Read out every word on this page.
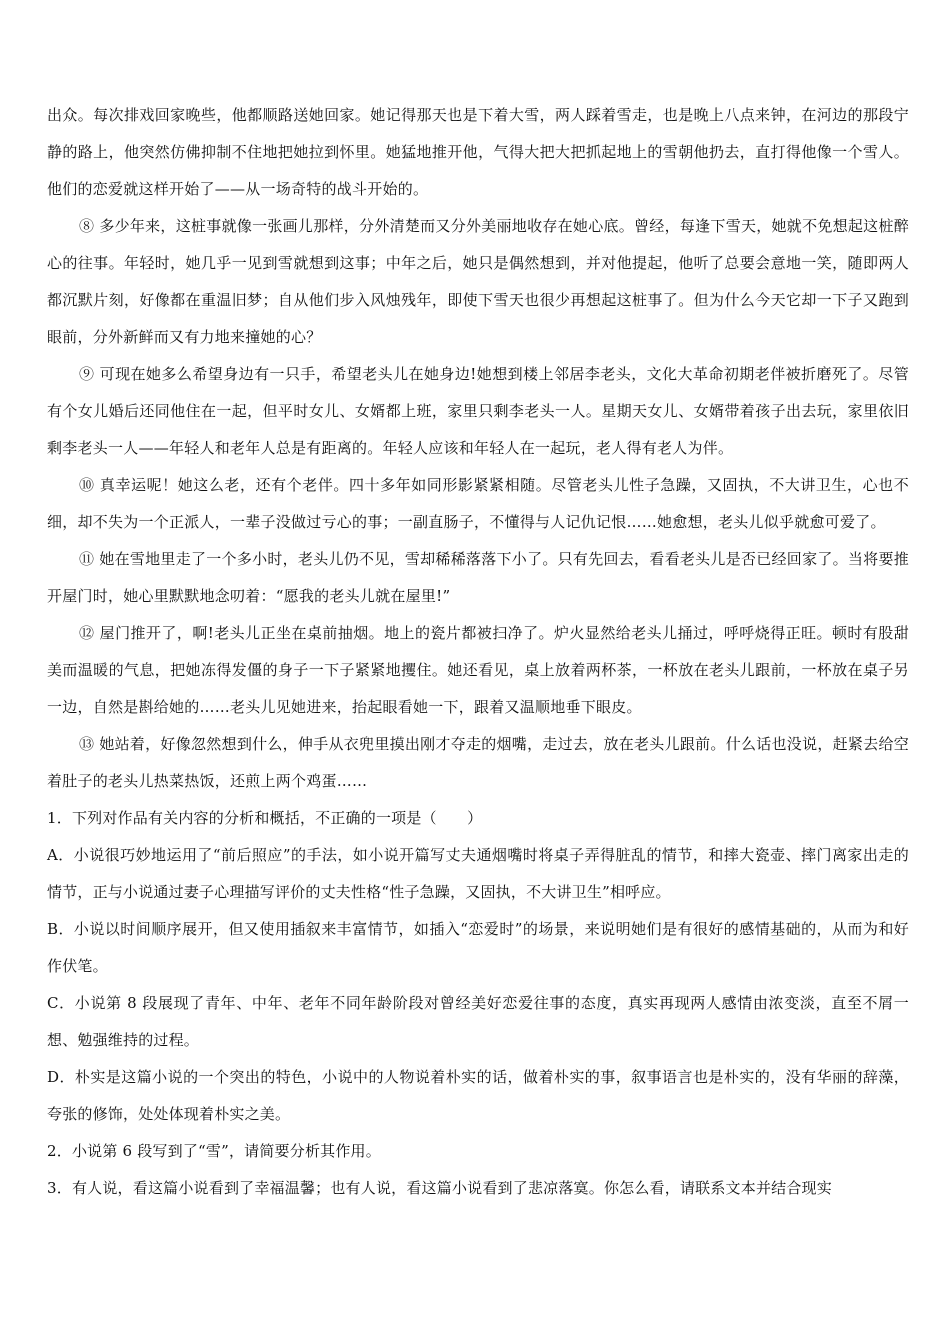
出众。每次排戏回家晚些，他都顺路送她回家。她记得那天也是下着大雪，两人踩着雪走，也是晚上八点来钟，在河边的那段宁静的路上，他突然仿佛抑制不住地把她拉到怀里。她猛地推开他，气得大把大把抓起地上的雪朝他扔去，直打得他像一个雪人。他们的恋爱就这样开始了——从一场奇特的战斗开始的。

⑧ 多少年来，这桩事就像一张画儿那样，分外清楚而又分外美丽地收存在她心底。曾经，每逢下雪天，她就不免想起这桩醉心的往事。年轻时，她几乎一见到雪就想到这事；中年之后，她只是偶然想到，并对他提起，他听了总要会意地一笑，随即两人都沉默片刻，好像都在重温旧梦；自从他们步入风烛残年，即使下雪天也很少再想起这桩事了。但为什么今天它却一下子又跑到眼前，分外新鲜而又有力地来撞她的心？

⑨ 可现在她多么希望身边有一只手，希望老头儿在她身边!她想到楼上邻居李老头，文化大革命初期老伴被折磨死了。尽管有个女儿婚后还同他住在一起，但平时女儿、女婿都上班，家里只剩李老头一人。星期天女儿、女婿带着孩子出去玩，家里依旧剩李老头一人——年轻人和老年人总是有距离的。年轻人应该和年轻人在一起玩，老人得有老人为伴。

⑩ 真幸运呢！她这么老，还有个老伴。四十多年如同形影紧紧相随。尽管老头儿性子急躁，又固执，不大讲卫生，心也不细，却不失为一个正派人，一辈子没做过亏心的事；一副直肠子，不懂得与人记仇记恨……她愈想，老头儿似乎就愈可爱了。

⑪ 她在雪地里走了一个多小时，老头儿仍不见，雪却稀稀落落下小了。只有先回去，看看老头儿是否已经回家了。当将要推开屋门时，她心里默默地念叨着：“愿我的老头儿就在屋里!”

⑫ 屋门推开了，啊!老头儿正坐在桌前抽烟。地上的瓷片都被扫净了。炉火显然给老头儿捅过，呼呼烧得正旺。顿时有股甜美而温暖的气息，把她冻得发僵的身子一下子紧紧地攫住。她还看见，桌上放着两杯茶，一杯放在老头儿跟前，一杯放在桌子另一边，自然是斟给她的……老头儿见她进来，抬起眼看她一下，跟着又温顺地垂下眼皮。

⑬ 她站着，好像忽然想到什么，伸手从衣兜里摸出刚才夺走的烟嘴，走过去，放在老头儿跟前。什么话也没说，赶紧去给空着肚子的老头儿热菜热饭，还煎上两个鸡蛋……

1．下列对作品有关内容的分析和概括，不正确的一项是（　　）

A．小说很巧妙地运用了“前后照应”的手法，如小说开篇写丈夫通烟嘴时将桌子弄得脏乱的情节，和摔大瓷壶、摔门离家出走的情节，正与小说通过妻子心理描写评价的丈夫性格“性子急躁，又固执，不大讲卫生”相呼应。

B．小说以时间顺序展开，但又使用插叙来丰富情节，如插入“恋爱时”的场景，来说明她们是有很好的感情基础的，从而为和好作伏笔。

C．小说第 8 段展现了青年、中年、老年不同年龄阶段对曾经美好恋爱往事的态度，真实再现两人感情由浓变淡，直至不屑一想、勉强维持的过程。

D．朴实是这篇小说的一个突出的特色，小说中的人物说着朴实的话，做着朴实的事，叙事语言也是朴实的，没有华丽的辞藻，夸张的修饰，处处体现着朴实之美。

2．小说第 6 段写到了“雪”，请简要分析其作用。

3．有人说，看这篇小说看到了幸福温馨；也有人说，看这篇小说看到了悲凉落寞。你怎么看，请联系文本并结合现实
